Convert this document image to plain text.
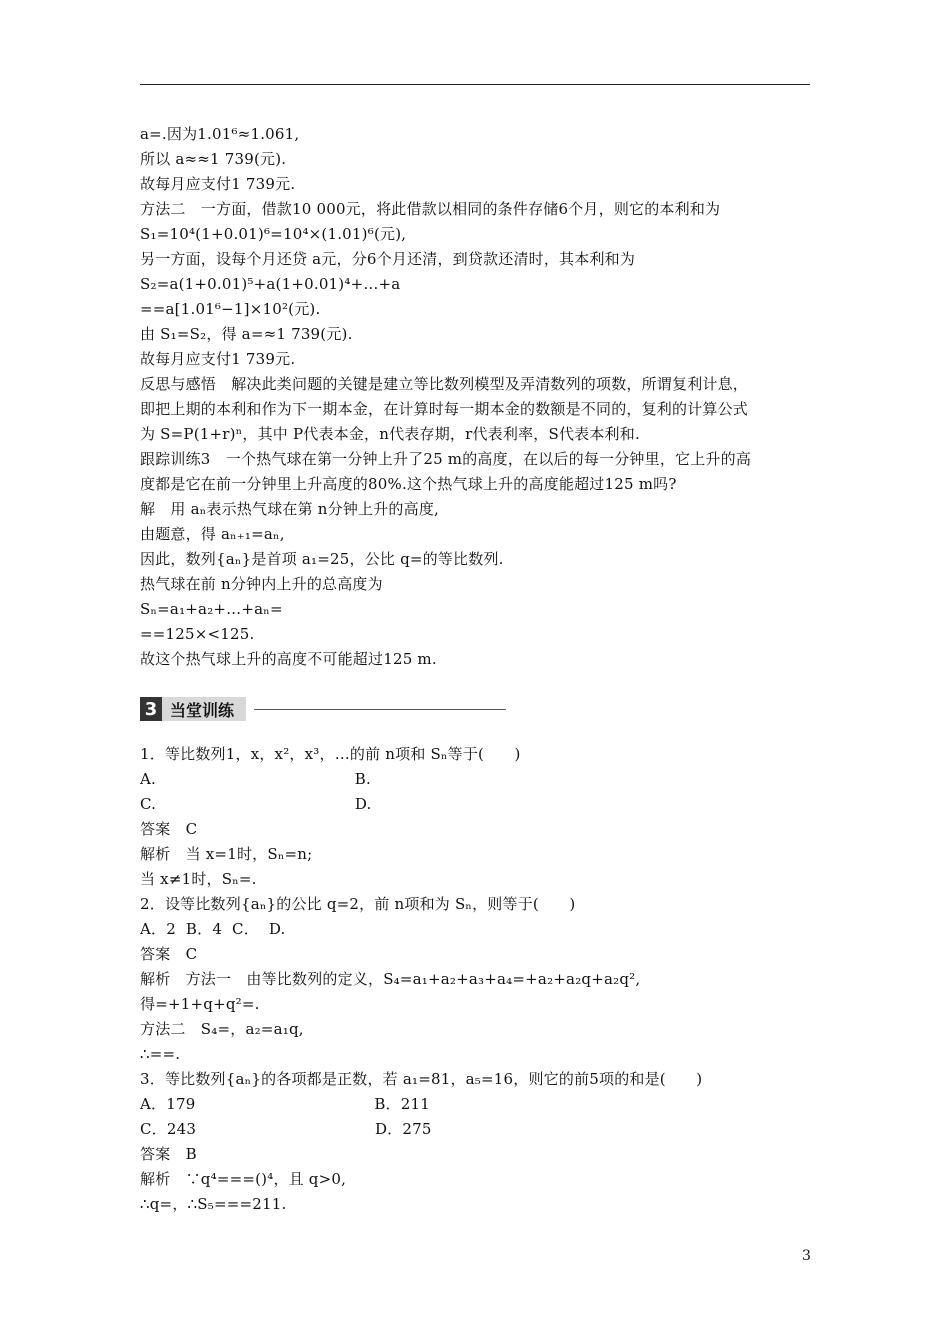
a=.因为1.01⁶≈1.061,
所以 a≈≈1 739(元).
故每月应支付1 739元.
方法二　一方面，借款10 000元，将此借款以相同的条件存储6个月，则它的本利和为
S₁=10⁴(1+0.01)⁶=10⁴×(1.01)⁶(元),
另一方面，设每个月还贷 a元，分6个月还清，到贷款还清时，其本利和为
S₂=a(1+0.01)⁵+a(1+0.01)⁴+…+a
==a[1.01⁶−1]×10²(元).
由 S₁=S₂，得 a=≈1 739(元).
故每月应支付1 739元.
反思与感悟　解决此类问题的关键是建立等比数列模型及弄清数列的项数，所谓复利计息，
即把上期的本利和作为下一期本金，在计算时每一期本金的数额是不同的，复利的计算公式
为 S=P(1+r)ⁿ，其中 P代表本金，n代表存期，r代表利率，S代表本利和.
跟踪训练3　一个热气球在第一分钟上升了25 m的高度，在以后的每一分钟里，它上升的高
度都是它在前一分钟里上升高度的80%.这个热气球上升的高度能超过125 m吗?
解　用 aₙ表示热气球在第 n分钟上升的高度,
由题意，得 aₙ₊₁=aₙ,
因此，数列{aₙ}是首项 a₁=25，公比 q=的等比数列.
热气球在前 n分钟内上升的总高度为
Sₙ=a₁+a₂+…+aₙ=
==125×<125.
故这个热气球上升的高度不可能超过125 m.
1．等比数列1，x，x²，x³，…的前 n项和 Sₙ等于(　　)
A.                                        B.
C.                                        D.
答案　C
解析　当 x=1时，Sₙ=n;
当 x≠1时，Sₙ=.
2．设等比数列{aₙ}的公比 q=2，前 n项和为 Sₙ，则等于(　　)
A．2  B．4  C．  D.
答案　C
解析　方法一　由等比数列的定义，S₄=a₁+a₂+a₃+a₄=+a₂+a₂q+a₂q²,
得=+1+q+q²=.
方法二　S₄=，a₂=a₁q,
∴==.
3．等比数列{aₙ}的各项都是正数，若 a₁=81，a₅=16，则它的前5项的和是(　　)
A．179                                    B．211
C．243                                    D．275
答案　B
解析　∵q⁴===()⁴，且 q>0,
∴q=，∴S₅===211.
3 当堂训练
3
